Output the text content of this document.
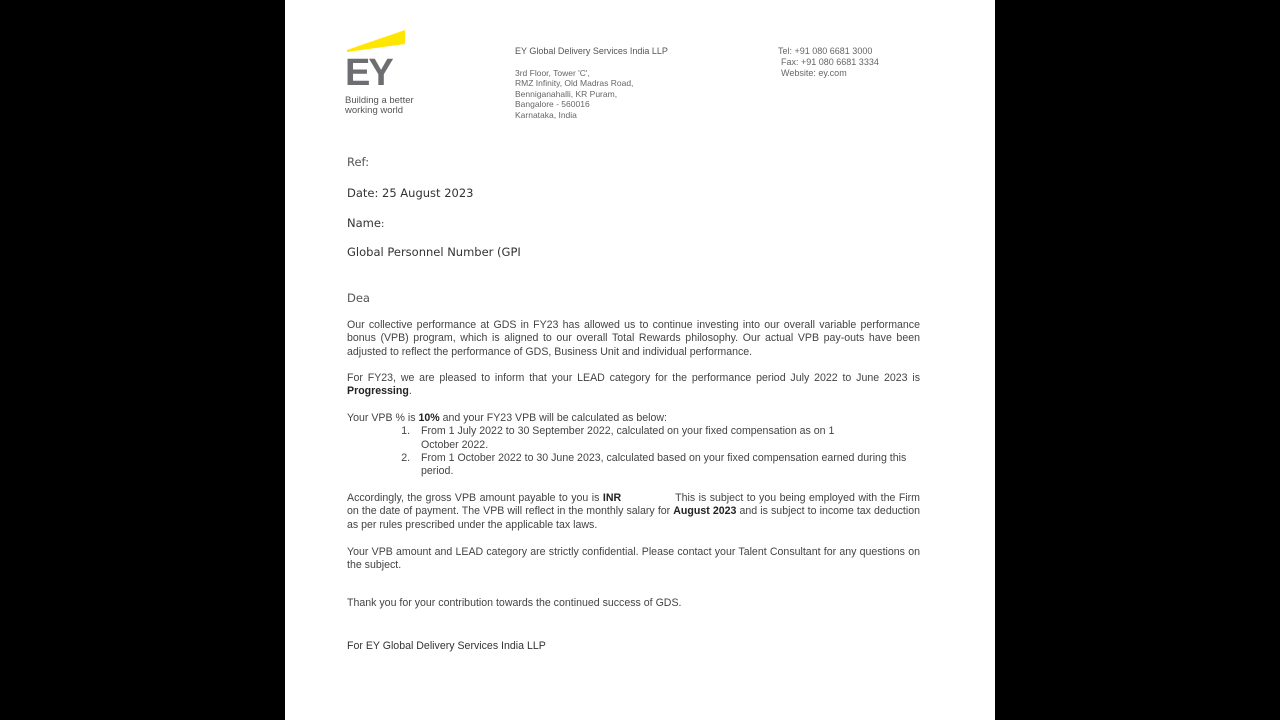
EY
Building a better
working world
EY Global Delivery Services India LLP
3rd Floor, Tower 'C',
RMZ Infinity, Old Madras Road,
Benniganahalli, KR Puram,
Bangalore - 560016
Karnataka, India
Tel: +91 080 6681 3000
Fax: +91 080 6681 3334
Website: ey.com
Ref:
Date: 25 August 2023
Name:
Global Personnel Number (GPI
Dea

Our collective performance at GDS in FY23 has allowed us to continue investing into our overall variable performance bonus (VPB) program, which is aligned to our overall Total Rewards philosophy. Our actual VPB pay-outs have been adjusted to reflect the performance of GDS, Business Unit and individual performance.

For FY23, we are pleased to inform that your LEAD category for the performance period July 2022 to June 2023 is Progressing.

Your VPB % is 10% and your FY23 VPB will be calculated as below:

1. From 1 July 2022 to 30 September 2022, calculated on your fixed compensation as on 1 October 2022.
2. From 1 October 2022 to 30 June 2023, calculated based on your fixed compensation earned during this period.

Accordingly, the gross VPB amount payable to you is INR	This is subject to you being employed with the Firm on the date of payment. The VPB will reflect in the monthly salary for August 2023 and is subject to income tax deduction as per rules prescribed under the applicable tax laws.

Your VPB amount and LEAD category are strictly confidential. Please contact your Talent Consultant for any questions on the subject.

Thank you for your contribution towards the continued success of GDS.

For EY Global Delivery Services India LLP
